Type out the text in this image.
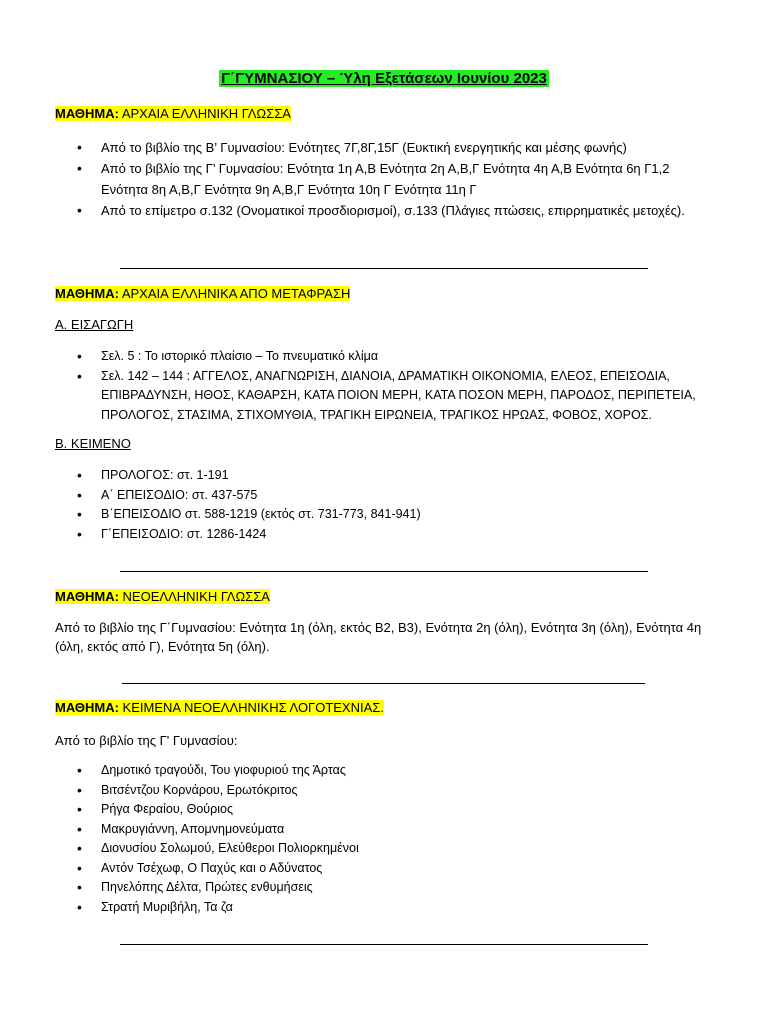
Γ΄ΓΥΜΝΑΣΙΟΥ – Ύλη Εξετάσεων Ιουνίου 2023
ΜΑΘΗΜΑ: ΑΡΧΑΙΑ ΕΛΛΗΝΙΚΗ ΓΛΩΣΣΑ
• Από το βιβλίο της Β’ Γυμνασίου: Ενότητες 7Γ,8Γ,15Γ (Ευκτική ενεργητικής και μέσης φωνής)
• Από το βιβλίο της Γ’ Γυμνασίου: Ενότητα 1η Α,Β Ενότητα 2η Α,Β,Γ Ενότητα 4η Α,Β Ενότητα 6η Γ1,2 Ενότητα 8η Α,Β,Γ Ενότητα 9η Α,Β,Γ Ενότητα 10η Γ Ενότητα 11η Γ
• Από το επίμετρο σ.132 (Ονοματικοί προσδιορισμοί), σ.133 (Πλάγιες πτώσεις, επιρρηματικές μετοχές).
ΜΑΘΗΜΑ: ΑΡΧΑΙΑ ΕΛΛΗΝΙΚΑ ΑΠΟ ΜΕΤΑΦΡΑΣΗ
Α. ΕΙΣΑΓΩΓΗ
• Σελ. 5 : Το ιστορικό πλαίσιο – Το πνευματικό κλίμα
• Σελ. 142 – 144 : ΑΓΓΕΛΟΣ, ΑΝΑΓΝΩΡΙΣΗ, ΔΙΑΝΟΙΑ, ΔΡΑΜΑΤΙΚΗ ΟΙΚΟΝΟΜΙΑ, ΕΛΕΟΣ, ΕΠΕΙΣΟΔΙΑ, ΕΠΙΒΡΑΔΥΝΣΗ, ΗΘΟΣ, ΚΑΘΑΡΣΗ, ΚΑΤΑ ΠΟΙΟΝ ΜΕΡΗ, ΚΑΤΑ ΠΟΣΟΝ ΜΕΡΗ, ΠΑΡΟΔΟΣ, ΠΕΡΙΠΕΤΕΙΑ, ΠΡΟΛΟΓΟΣ, ΣΤΑΣΙΜΑ, ΣΤΙΧΟΜΥΘΙΑ, ΤΡΑΓΙΚΗ ΕΙΡΩΝΕΙΑ, ΤΡΑΓΙΚΟΣ ΗΡΩΑΣ, ΦΟΒΟΣ, ΧΟΡΟΣ.
Β. ΚΕΙΜΕΝΟ
• ΠΡΟΛΟΓΟΣ: στ. 1-191
• Α΄ ΕΠΕΙΣΟΔΙΟ: στ. 437-575
• Β΄ΕΠΕΙΣΟΔΙΟ στ. 588-1219 (εκτός στ. 731-773, 841-941)
• Γ΄ΕΠΕΙΣΟΔΙΟ: στ. 1286-1424
ΜΑΘΗΜΑ: ΝΕΟΕΛΛΗΝΙΚΗ ΓΛΩΣΣΑ
Από το βιβλίο της Γ΄Γυμνασίου: Ενότητα 1η (όλη, εκτός Β2, Β3), Ενότητα 2η (όλη), Ενότητα 3η (όλη), Ενότητα 4η (όλη, εκτός από Γ), Ενότητα 5η (όλη).
ΜΑΘΗΜΑ: ΚΕΙΜΕΝΑ ΝΕΟΕΛΛΗΝΙΚΗΣ ΛΟΓΟΤΕΧΝΙΑΣ.
Από το βιβλίο της Γ' Γυμνασίου:
• Δημοτικό τραγούδι, Του γιοφυριού της Άρτας
• Βιτσέντζου Κορνάρου, Ερωτόκριτος
• Ρήγα Φεραίου, Θούριος
• Μακρυγιάννη, Απομνημονεύματα
• Διονυσίου Σολωμού, Ελεύθεροι Πολιορκημένοι
• Αντόν Τσέχωφ, Ο Παχύς και ο Αδύνατος
• Πηνελόπης Δέλτα, Πρώτες ενθυμήσεις
• Στρατή Μυριβήλη, Τα ζα
